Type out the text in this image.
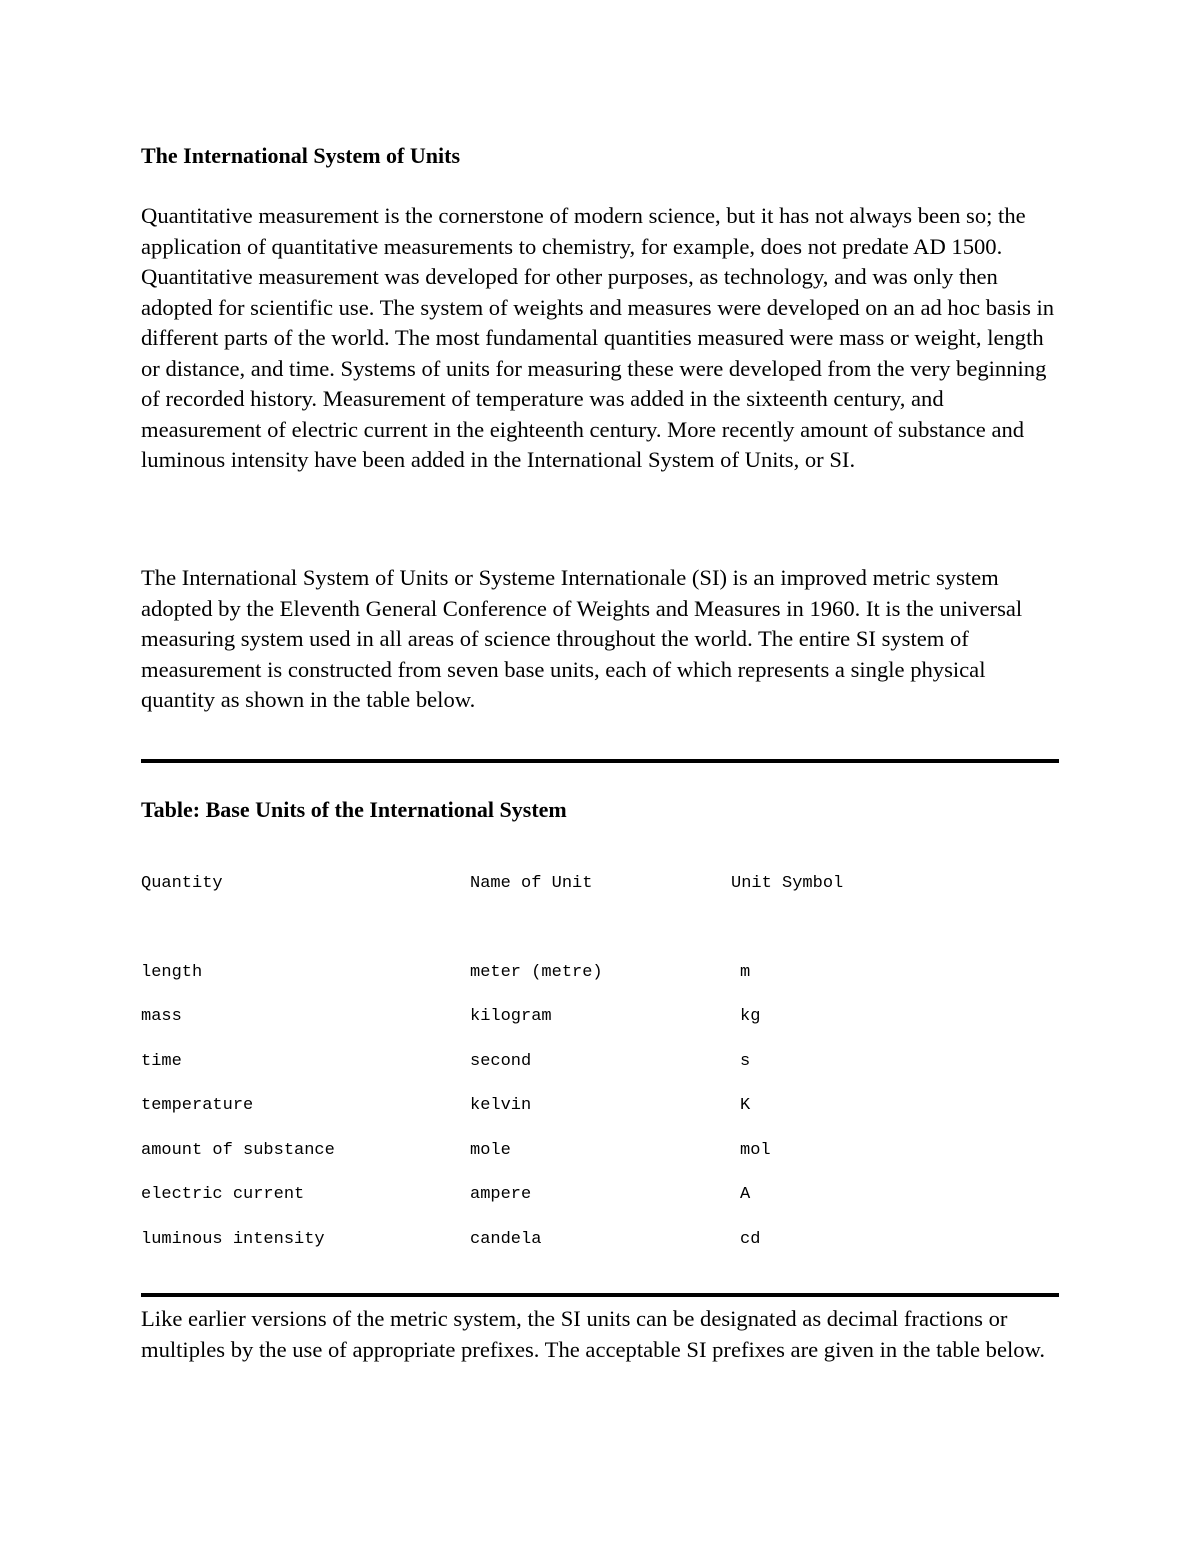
The International System of Units

Quantitative measurement is the cornerstone of modern science, but it has not always been so; the application of quantitative measurements to chemistry, for example, does not predate AD 1500. Quantitative measurement was developed for other purposes, as technology, and was only then adopted for scientific use. The system of weights and measures were developed on an ad hoc basis in different parts of the world. The most fundamental quantities measured were mass or weight, length or distance, and time. Systems of units for measuring these were developed from the very beginning of recorded history. Measurement of temperature was added in the sixteenth century, and measurement of electric current in the eighteenth century. More recently amount of substance and luminous intensity have been added in the International System of Units, or SI.

The International System of Units or Systeme Internationale (SI) is an improved metric system adopted by the Eleventh General Conference of Weights and Measures in 1960. It is the universal measuring system used in all areas of science throughout the world. The entire SI system of measurement is constructed from seven base units, each of which represents a single physical quantity as shown in the table below.

Table: Base Units of the International System
Quantity	Name of Unit	Unit Symbol
length	meter (metre)	m
mass	kilogram	kg
time	second	s
temperature	kelvin	K
amount of substance	mole	mol
electric current	ampere	A
luminous intensity	candela	cd

Like earlier versions of the metric system, the SI units can be designated as decimal fractions or multiples by the use of appropriate prefixes. The acceptable SI prefixes are given in the table below.
